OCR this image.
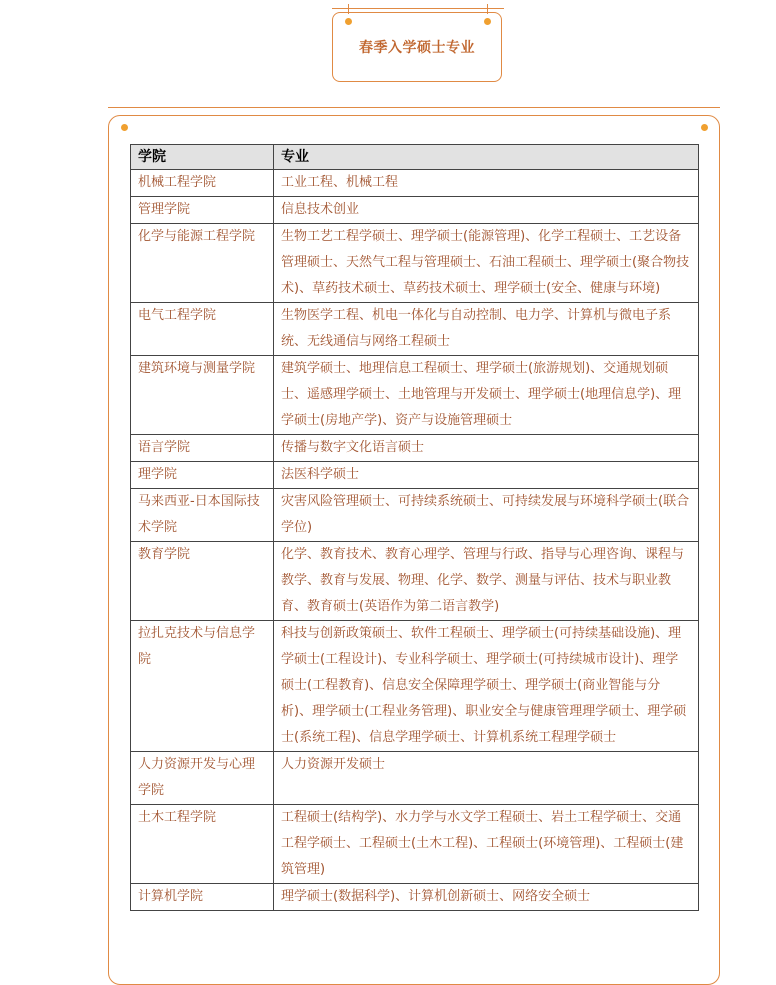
春季入学硕士专业
学院	专业
机械工程学院	工业工程、机械工程
管理学院	信息技术创业
化学与能源工程学院	生物工艺工程学硕士、理学硕士(能源管理)、化学工程硕士、工艺设备管理硕士、天然气工程与管理硕士、石油工程硕士、理学硕士(聚合物技术)、草药技术硕士、草药技术硕士、理学硕士(安全、健康与环境)
电气工程学院	生物医学工程、机电一体化与自动控制、电力学、计算机与微电子系统、无线通信与网络工程硕士
建筑环境与测量学院	建筑学硕士、地理信息工程硕士、理学硕士(旅游规划)、交通规划硕士、遥感理学硕士、土地管理与开发硕士、理学硕士(地理信息学)、理学硕士(房地产学)、资产与设施管理硕士
语言学院	传播与数字文化语言硕士
理学院	法医科学硕士
马来西亚-日本国际技术学院	灾害风险管理硕士、可持续系统硕士、可持续发展与环境科学硕士(联合学位)
教育学院	化学、教育技术、教育心理学、管理与行政、指导与心理咨询、课程与教学、教育与发展、物理、化学、数学、测量与评估、技术与职业教育、教育硕士(英语作为第二语言教学)
拉扎克技术与信息学院	科技与创新政策硕士、软件工程硕士、理学硕士(可持续基础设施)、理学硕士(工程设计)、专业科学硕士、理学硕士(可持续城市设计)、理学硕士(工程教育)、信息安全保障理学硕士、理学硕士(商业智能与分析)、理学硕士(工程业务管理)、职业安全与健康管理理学硕士、理学硕士(系统工程)、信息学理学硕士、计算机系统工程理学硕士
人力资源开发与心理学院	人力资源开发硕士
土木工程学院	工程硕士(结构学)、水力学与水文学工程硕士、岩土工程学硕士、交通工程学硕士、工程硕士(土木工程)、工程硕士(环境管理)、工程硕士(建筑管理)
计算机学院	理学硕士(数据科学)、计算机创新硕士、网络安全硕士
